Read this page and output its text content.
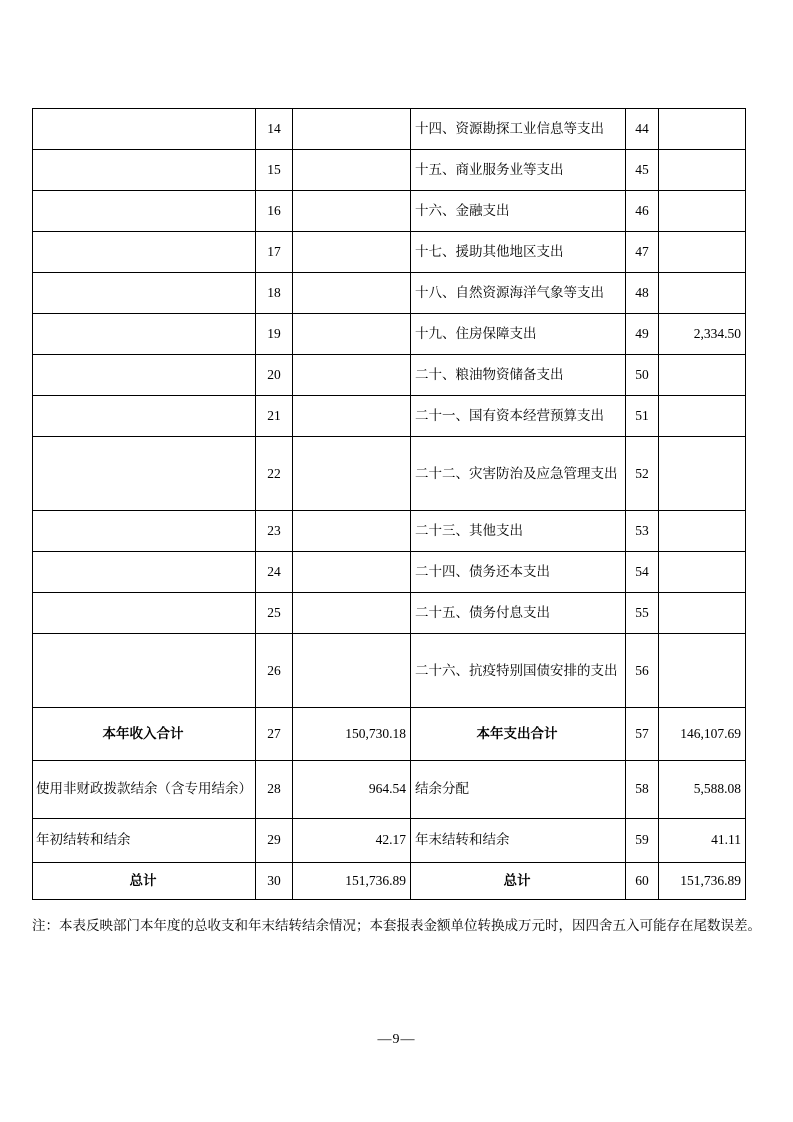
	14		十四、资源勘探工业信息等支出	44	
	15		十五、商业服务业等支出	45	
	16		十六、金融支出	46	
	17		十七、援助其他地区支出	47	
	18		十八、自然资源海洋气象等支出	48	
	19		十九、住房保障支出	49	2,334.50
	20		二十、粮油物资储备支出	50	
	21		二十一、国有资本经营预算支出	51	
	22		二十二、灾害防治及应急管理支出	52	
	23		二十三、其他支出	53	
	24		二十四、债务还本支出	54	
	25		二十五、债务付息支出	55	
	26		二十六、抗疫特别国债安排的支出	56	
本年收入合计	27	150,730.18	本年支出合计	57	146,107.69
使用非财政拨款结余（含专用结余）	28	964.54	结余分配	58	5,588.08
年初结转和结余	29	42.17	年末结转和结余	59	41.11
总计	30	151,736.89	总计	60	151,736.89
注：本表反映部门本年度的总收支和年末结转结余情况；本套报表金额单位转换成万元时，因四舍五入可能存在尾数误差。
—9—
